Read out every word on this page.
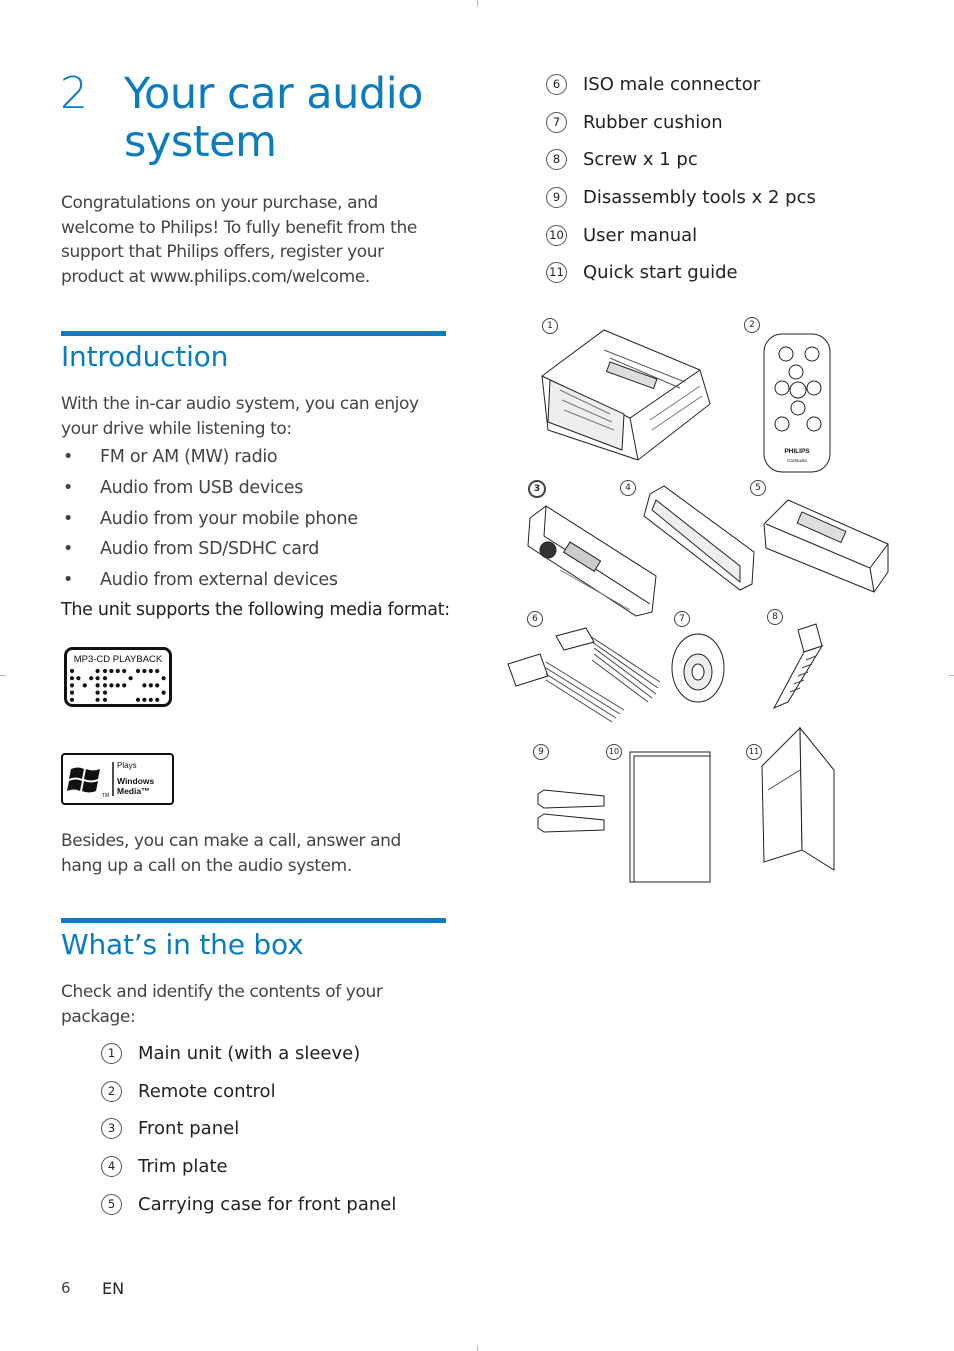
2 Your car audio system
Congratulations on your purchase, and welcome to Philips! To fully benefit from the support that Philips offers, register your product at www.philips.com/welcome.
Introduction
With the in-car audio system, you can enjoy your drive while listening to:
• FM or AM (MW) radio
• Audio from USB devices
• Audio from your mobile phone
• Audio from SD/SDHC card
• Audio from external devices
The unit supports the following media format:
MP3-CD PLAYBACK
TM
Plays
Windows
Media™
Besides, you can make a call, answer and hang up a call on the audio system.
What’s in the box
Check and identify the contents of your package:
1	Main unit (with a sleeve)
2	Remote control
3	Front panel
4	Trim plate
5	Carrying case for front panel
6	ISO male connector
7	Rubber cushion
8	Screw x 1 pc
9	Disassembly tools x 2 pcs
10 User manual
11 Quick start guide
PHILIPS
CarStudio
1	2
3	4	5
6	7	8
9	10	11
6 EN
